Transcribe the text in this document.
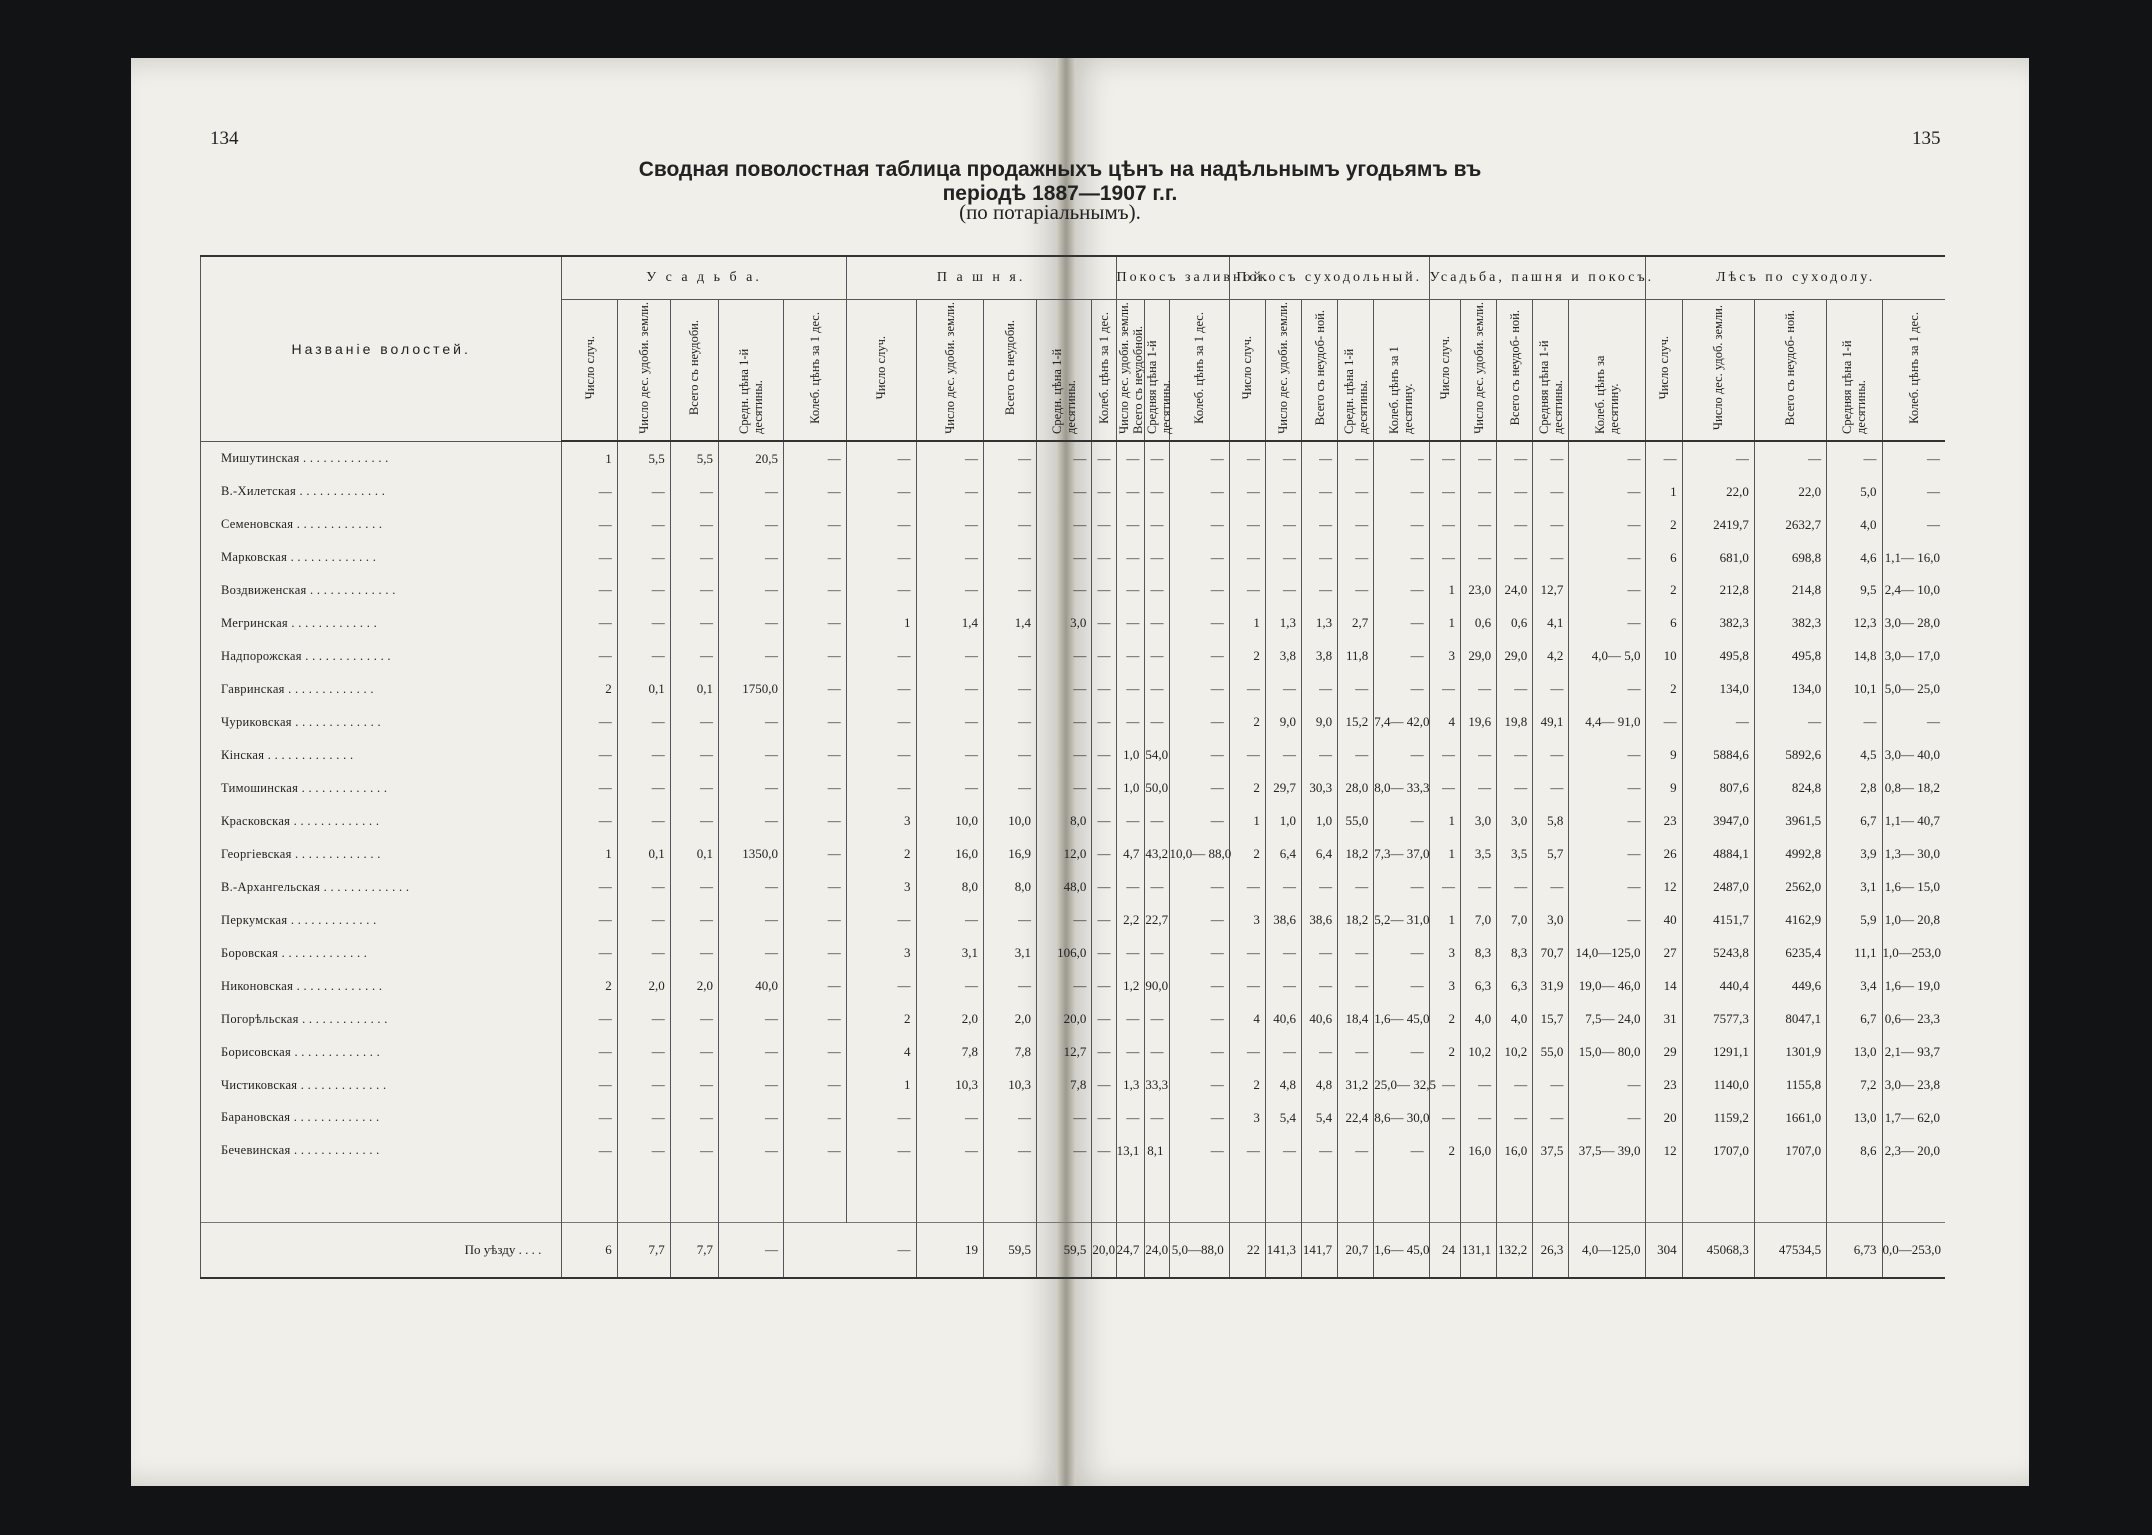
134	135
Сводная поволостная таблица продажныхъ цѣнъ на надѣльнымъ угодьямъ въ періодѣ 1887—1907 г.г.
(по потаріальнымъ).
Названіе волостей.	У с а д ь б а.					П а ш н я.					Покосъ заливной.			Покосъ суходольный.					Усадьба, пашня и покосъ.					Лѣсъ по суходолу.				
	Число случ.	Число дес. удоби. земли.	Всего съ неудоби.	Средн. цѣна 1-й десятины.	Колеб. цѣнъ за 1 дес.	Число случ.	Число дес. удоби. земли.	Всего съ неудоби.	Средн. цѣна 1-й десятины.	Колеб. цѣнъ за 1 дес.	Число дес. удоби. земли. Всего съ неудобной.	Средняя цѣна 1-й десятины.	Колеб. цѣнъ за 1 дес.	Число случ.	Число дес. удоби. земли.	Всего съ неудоб- ной.	Средн. цѣна 1-й десятины.	Колеб. цѣнъ за 1 десятину.	Число случ.	Число дес. удоби. земли.	Всего съ неудоб- ной.	Средняя цѣна 1-й десятины.	Колеб. цѣнъ за десятину.	Число случ.	Число дес. удоб. земли.	Всего съ неудоб- ной.	Средняя цѣна 1-й десятины.	Колеб. цѣнъ за 1 дес.
Мишутинская . . . . . . . . . . . . .	1	5,5	5,5	20,5	—	—	—	—	—	—	—	—	—	—	—	—	—	—	—	—	—	—	—	—	—	—	—	—
В.-Хилетская . . . . . . . . . . . . .	—	—	—	—	—	—	—	—	—	—	—	—	—	—	—	—	—	—	—	—	—	—	—	1	22,0	22,0	5,0	—
Семеновская . . . . . . . . . . . . .	—	—	—	—	—	—	—	—	—	—	—	—	—	—	—	—	—	—	—	—	—	—	—	2	2419,7	2632,7	4,0	—
Марковская . . . . . . . . . . . . .	—	—	—	—	—	—	—	—	—	—	—	—	—	—	—	—	—	—	—	—	—	—	—	6	681,0	698,8	4,6	1,1— 16,0
Воздвиженская . . . . . . . . . . . . .	—	—	—	—	—	—	—	—	—	—	—	—	—	—	—	—	—	—	1	23,0	24,0	12,7	—	2	212,8	214,8	9,5	2,4— 10,0
Мегринская . . . . . . . . . . . . .	—	—	—	—	—	1	1,4	1,4	3,0	—	—	—	—	1	1,3	1,3	2,7	—	1	0,6	0,6	4,1	—	6	382,3	382,3	12,3	3,0— 28,0
Надпорожская . . . . . . . . . . . . .	—	—	—	—	—	—	—	—	—	—	—	—	—	2	3,8	3,8	11,8	—	3	29,0	29,0	4,2	4,0— 5,0	10	495,8	495,8	14,8	3,0— 17,0
Гавринская . . . . . . . . . . . . .	2	0,1	0,1	1750,0	—	—	—	—	—	—	—	—	—	—	—	—	—	—	—	—	—	—	—	2	134,0	134,0	10,1	5,0— 25,0
Чуриковская . . . . . . . . . . . . .	—	—	—	—	—	—	—	—	—	—	—	—	—	2	9,0	9,0	15,2	7,4— 42,0	4	19,6	19,8	49,1	4,4— 91,0	—	—	—	—	—
Кінская . . . . . . . . . . . . .	—	—	—	—	—	—	—	—	—	—	1,0	54,0	—	—	—	—	—	—	—	—	—	—	—	9	5884,6	5892,6	4,5	3,0— 40,0
Тимошинская . . . . . . . . . . . . .	—	—	—	—	—	—	—	—	—	—	1,0	50,0	—	2	29,7	30,3	28,0	8,0— 33,3	—	—	—	—	—	9	807,6	824,8	2,8	0,8— 18,2
Красковская . . . . . . . . . . . . .	—	—	—	—	—	3	10,0	10,0	8,0	—	—	—	—	1	1,0	1,0	55,0	—	1	3,0	3,0	5,8	—	23	3947,0	3961,5	6,7	1,1— 40,7
Георгіевская . . . . . . . . . . . . .	1	0,1	0,1	1350,0	—	2	16,0	16,9	12,0	—	4,7	43,2	10,0— 88,0	2	6,4	6,4	18,2	7,3— 37,0	1	3,5	3,5	5,7	—	26	4884,1	4992,8	3,9	1,3— 30,0
В.-Архангельская . . . . . . . . . . . . .	—	—	—	—	—	3	8,0	8,0	48,0	—	—	—	—	—	—	—	—	—	—	—	—	—	—	12	2487,0	2562,0	3,1	1,6— 15,0
Перкумская . . . . . . . . . . . . .	—	—	—	—	—	—	—	—	—	—	2,2	22,7	—	3	38,6	38,6	18,2	5,2— 31,0	1	7,0	7,0	3,0	—	40	4151,7	4162,9	5,9	1,0— 20,8
Боровская . . . . . . . . . . . . .	—	—	—	—	—	3	3,1	3,1	106,0	—	—	—	—	—	—	—	—	—	3	8,3	8,3	70,7	14,0—125,0	27	5243,8	6235,4	11,1	1,0—253,0
Никоновская . . . . . . . . . . . . .	2	2,0	2,0	40,0	—	—	—	—	—	—	1,2	90,0	—	—	—	—	—	—	3	6,3	6,3	31,9	19,0— 46,0	14	440,4	449,6	3,4	1,6— 19,0
Погорѣльская . . . . . . . . . . . . .	—	—	—	—	—	2	2,0	2,0	20,0	—	—	—	—	4	40,6	40,6	18,4	1,6— 45,0	2	4,0	4,0	15,7	7,5— 24,0	31	7577,3	8047,1	6,7	0,6— 23,3
Борисовская . . . . . . . . . . . . .	—	—	—	—	—	4	7,8	7,8	12,7	—	—	—	—	—	—	—	—	—	2	10,2	10,2	55,0	15,0— 80,0	29	1291,1	1301,9	13,0	2,1— 93,7
Чистиковская . . . . . . . . . . . . .	—	—	—	—	—	1	10,3	10,3	7,8	—	1,3	33,3	—	2	4,8	4,8	31,2	25,0— 32,5	—	—	—	—	—	23	1140,0	1155,8	7,2	3,0— 23,8
Барановская . . . . . . . . . . . . .	—	—	—	—	—	—	—	—	—	—	—	—	—	3	5,4	5,4	22,4	8,6— 30,0	—	—	—	—	—	20	1159,2	1661,0	13,0	1,7— 62,0
Бечевинская . . . . . . . . . . . . .	—	—	—	—	—	—	—	—	—	—	13,1	8,1	—	—	—	—	—	—	2	16,0	16,0	37,5	37,5— 39,0	12	1707,0	1707,0	8,6	2,3— 20,0

По уѣзду . . . .	6	7,7	7,7	—	—		19	59,5	59,5	20,0	24,7	24,0	5,0—88,0	22	141,3	141,7	20,7	1,6— 45,0	24	131,1	132,2	26,3	4,0—125,0	304	45068,3	47534,5	6,73	0,0—253,0
